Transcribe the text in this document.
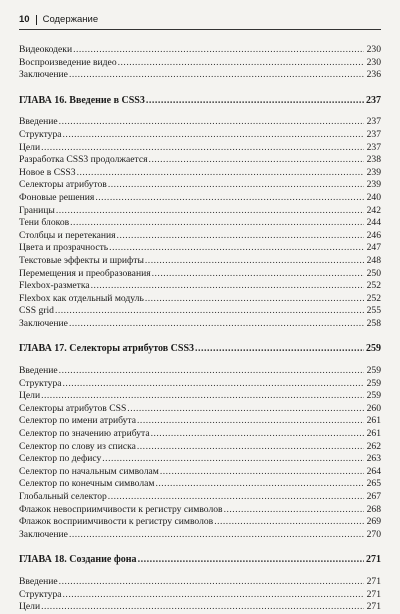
10 Содержание
Видеокодеки .....	230
Воспроизведение видео .....	230
Заключение .....	236
ГЛАВА 16. Введение в CSS3 .....	237
Введение .....	237
Структура .....	237
Цели .....	237
Разработка CSS3 продолжается .....	238
Новое в CSS3 .....	239
Селекторы атрибутов .....	239
Фоновые решения .....	240
Границы .....	242
Тени блоков .....	244
Столбцы и перетекания .....	246
Цвета и прозрачность .....	247
Текстовые эффекты и шрифты .....	248
Перемещения и преобразования .....	250
Flexbox-разметка .....	252
Flexbox как отдельный модуль .....	252
CSS grid .....	255
Заключение .....	258
ГЛАВА 17. Селекторы атрибутов CSS3 .....	259
Введение .....	259
Структура .....	259
Цели .....	259
Селекторы атрибутов CSS .....	260
Селектор по имени атрибута .....	261
Селектор по значению атрибута .....	261
Селектор по слову из списка .....	262
Селектор по дефису .....	263
Селектор по начальным символам .....	264
Селектор по конечным символам .....	265
Глобальный селектор .....	267
Флажок невосприимчивости к регистру символов .....	268
Флажок восприимчивости к регистру символов .....	269
Заключение .....	270
ГЛАВА 18. Создание фона .....	271
Введение .....	271
Структура .....	271
Цели .....	271
